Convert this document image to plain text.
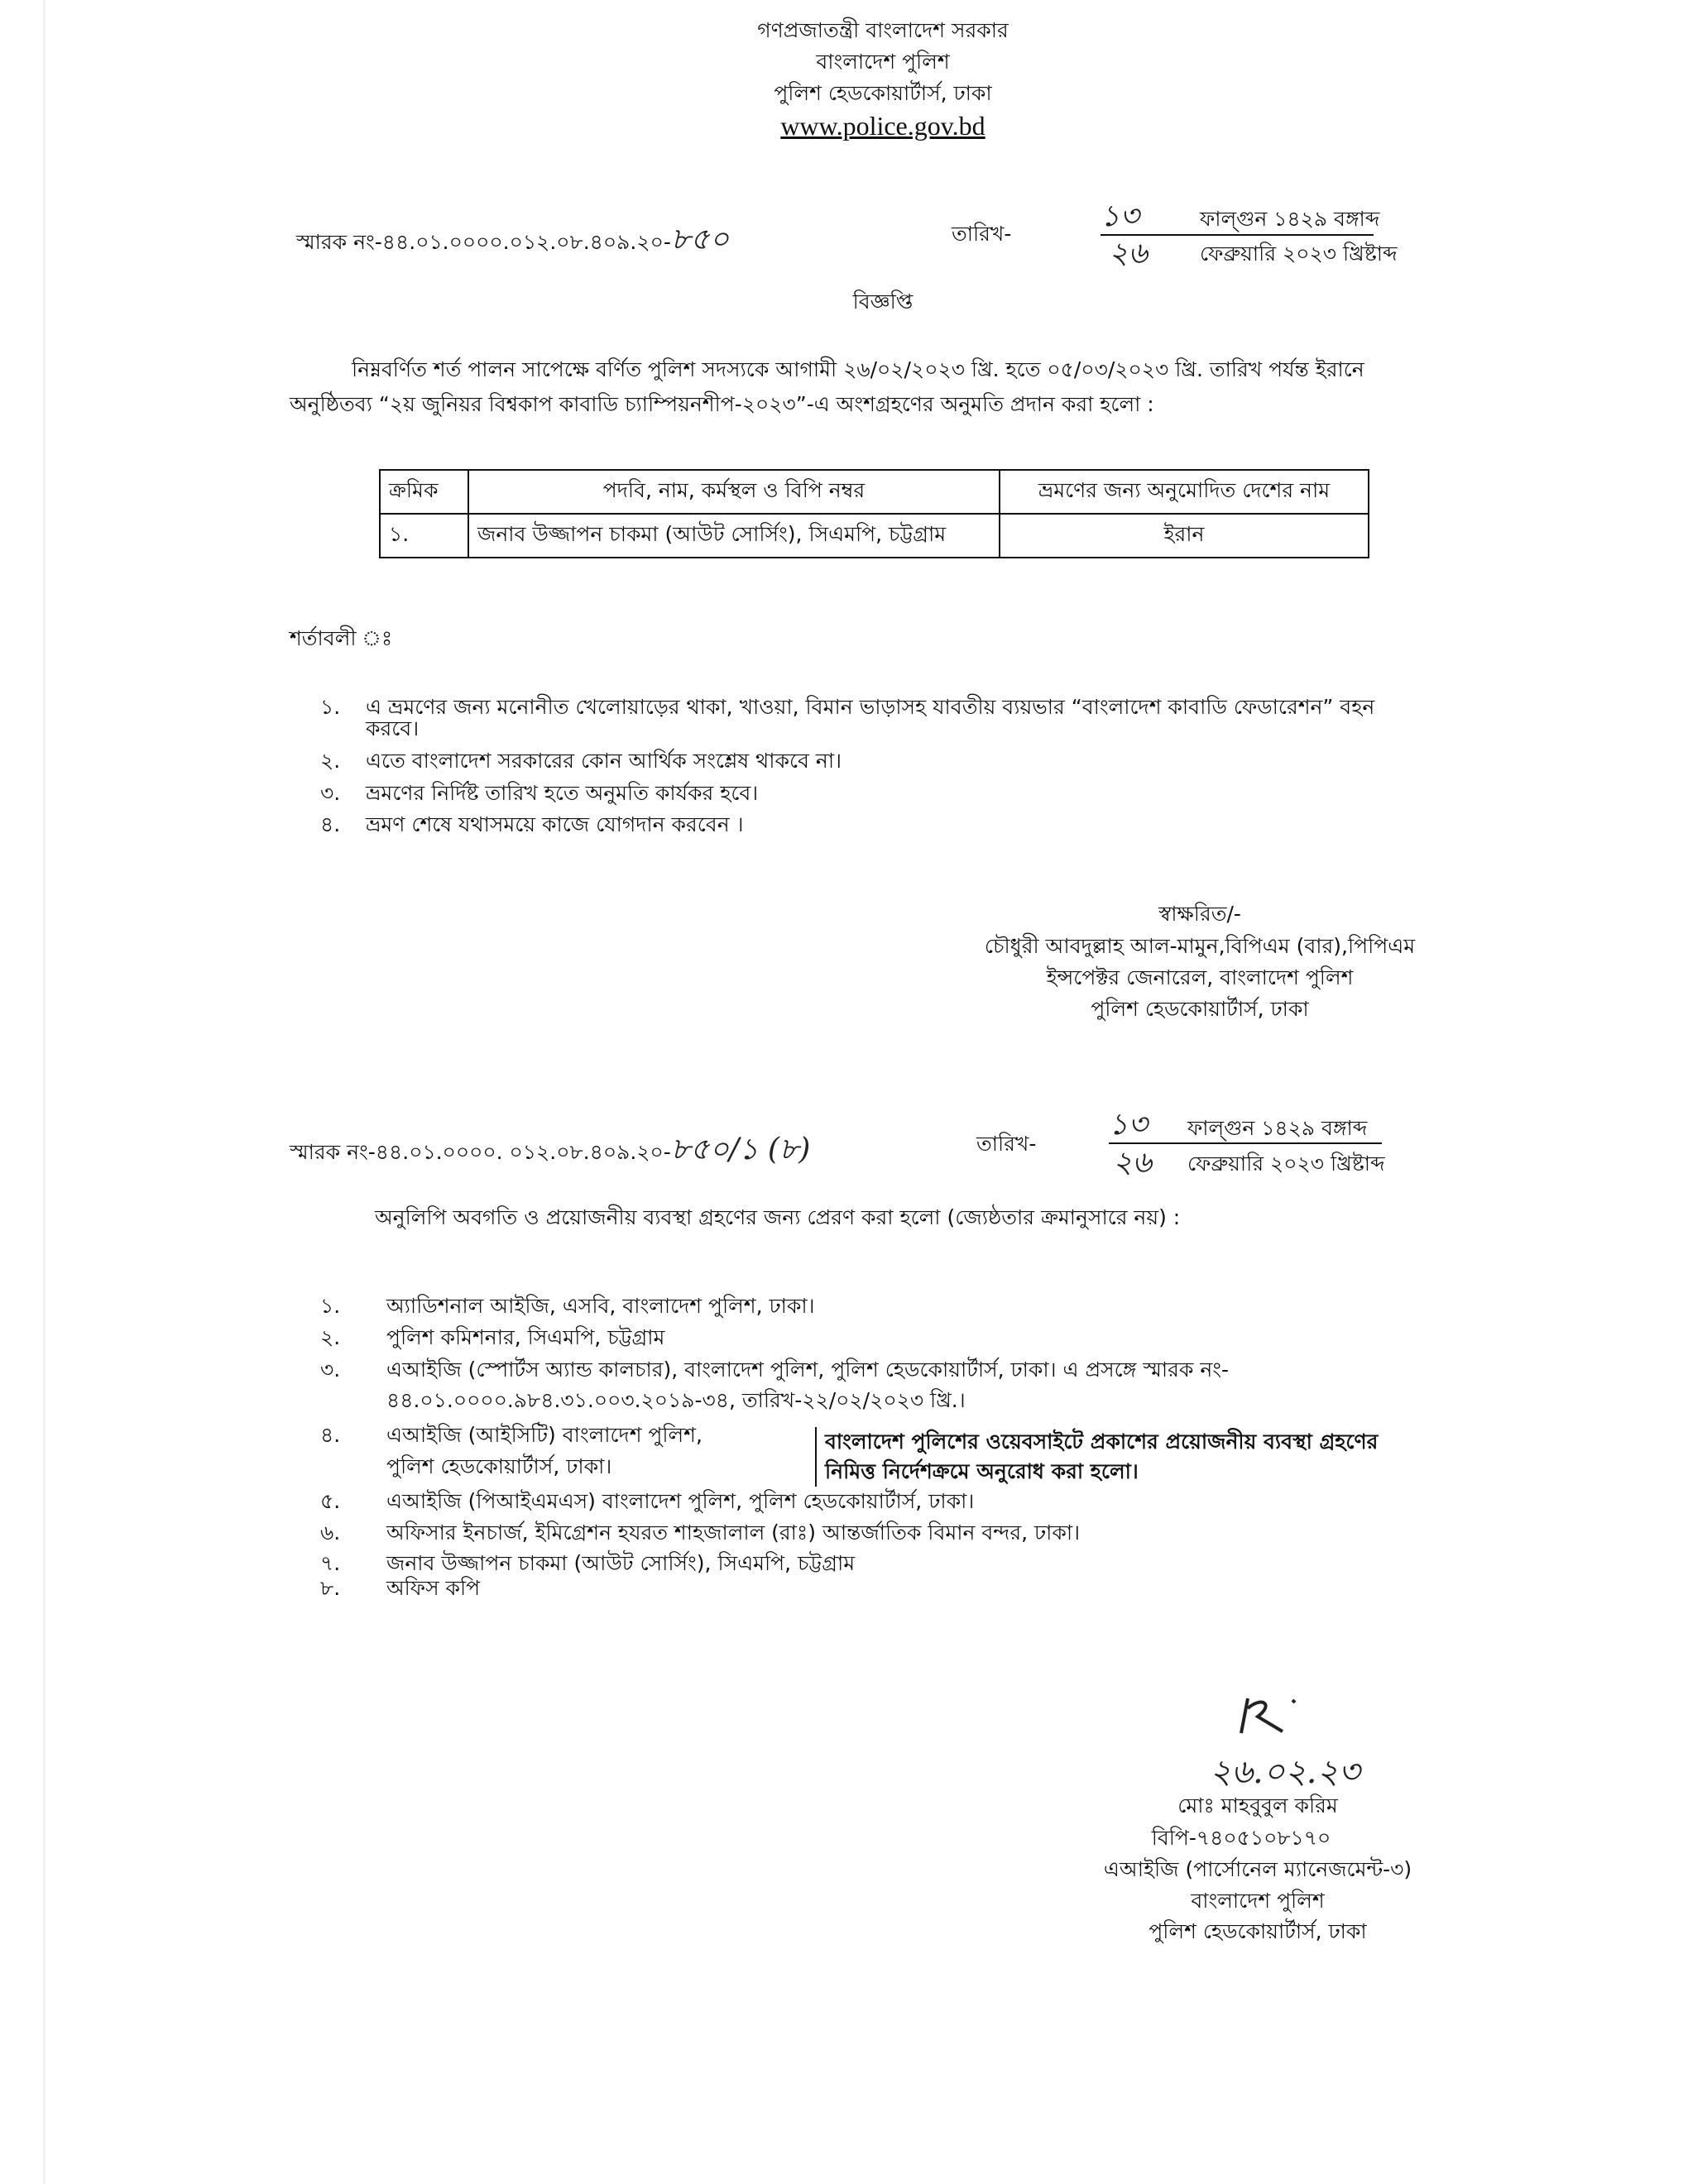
গণপ্রজাতন্ত্রী বাংলাদেশ সরকার
বাংলাদেশ পুলিশ
পুলিশ হেডকোয়ার্টার্স, ঢাকা
www.police.gov.bd
স্মারক নং-৪৪.০১.০০০০.০১২.০৮.৪০৯.২০-৮৫০	তারিখ-
১৩	ফাল্গুন ১৪২৯ বঙ্গাব্দ
২৬	ফেব্রুয়ারি ২০২৩ খ্রিষ্টাব্দ
বিজ্ঞপ্তি
নিম্নবর্ণিত শর্ত পালন সাপেক্ষে বর্ণিত পুলিশ সদস্যকে আগামী ২৬/০২/২০২৩ খ্রি. হতে ০৫/০৩/২০২৩ খ্রি. তারিখ পর্যন্ত ইরানে
অনুষ্ঠিতব্য “২য় জুনিয়র বিশ্বকাপ কাবাডি চ্যাম্পিয়নশীপ-২০২৩”-এ অংশগ্রহণের অনুমতি প্রদান করা হলো :
ক্রমিক	পদবি, নাম, কর্মস্থল ও বিপি নম্বর	ভ্রমণের জন্য অনুমোদিত দেশের নাম
১.	জনাব উজ্জাপন চাকমা (আউট সোর্সিং), সিএমপি, চট্টগ্রাম	ইরান
শর্তাবলী ঃ
১. এ ভ্রমণের জন্য মনোনীত খেলোয়াড়ের থাকা, খাওয়া, বিমান ভাড়াসহ যাবতীয় ব্যয়ভার “বাংলাদেশ কাবাডি ফেডারেশন” বহন
করবে।
২. এতে বাংলাদেশ সরকারের কোন আর্থিক সংশ্লেষ থাকবে না।
৩. ভ্রমণের নির্দিষ্ট তারিখ হতে অনুমতি কার্যকর হবে।
৪. ভ্রমণ শেষে যথাসময়ে কাজে যোগদান করবেন ।
স্বাক্ষরিত/-
চৌধুরী আবদুল্লাহ আল-মামুন,বিপিএম (বার),পিপিএম
ইন্সপেক্টর জেনারেল, বাংলাদেশ পুলিশ
পুলিশ হেডকোয়ার্টার্স, ঢাকা
স্মারক নং-৪৪.০১.০০০০. ০১২.০৮.৪০৯.২০-৮৫০/১ (৮)	তারিখ-
১৩	ফাল্গুন ১৪২৯ বঙ্গাব্দ
২৬ ফেব্রুয়ারি ২০২৩ খ্রিষ্টাব্দ
অনুলিপি অবগতি ও প্রয়োজনীয় ব্যবস্থা গ্রহণের জন্য প্রেরণ করা হলো (জ্যেষ্ঠতার ক্রমানুসারে নয়) :
১. অ্যাডিশনাল আইজি, এসবি, বাংলাদেশ পুলিশ, ঢাকা।
২. পুলিশ কমিশনার, সিএমপি, চট্টগ্রাম
৩. এআইজি (স্পোর্টস অ্যান্ড কালচার), বাংলাদেশ পুলিশ, পুলিশ হেডকোয়ার্টার্স, ঢাকা। এ প্রসঙ্গে স্মারক নং-
৪৪.০১.০০০০.৯৮৪.৩১.০০৩.২০১৯-৩৪, তারিখ-২২/০২/২০২৩ খ্রি.।
৪. এআইজি (আইসিটি) বাংলাদেশ পুলিশ,
পুলিশ হেডকোয়ার্টার্স, ঢাকা।
বাংলাদেশ পুলিশের ওয়েবসাইটে প্রকাশের প্রয়োজনীয় ব্যবস্থা গ্রহণের
নিমিত্ত নির্দেশক্রমে অনুরোধ করা হলো।
৫. এআইজি (পিআইএমএস) বাংলাদেশ পুলিশ, পুলিশ হেডকোয়ার্টার্স, ঢাকা।
৬. অফিসার ইনচার্জ, ইমিগ্রেশন হযরত শাহজালাল (রাঃ) আন্তর্জাতিক বিমান বন্দর, ঢাকা।
৭. জনাব উজ্জাপন চাকমা (আউট সোর্সিং), সিএমপি, চট্টগ্রাম
৮. অফিস কপি
২৬.০২.২৩
মোঃ মাহবুবুল করিম
বিপি-৭৪০৫১০৮১৭০
এআইজি (পার্সোনেল ম্যানেজমেন্ট-৩)
বাংলাদেশ পুলিশ
পুলিশ হেডকোয়ার্টার্স, ঢাকা
